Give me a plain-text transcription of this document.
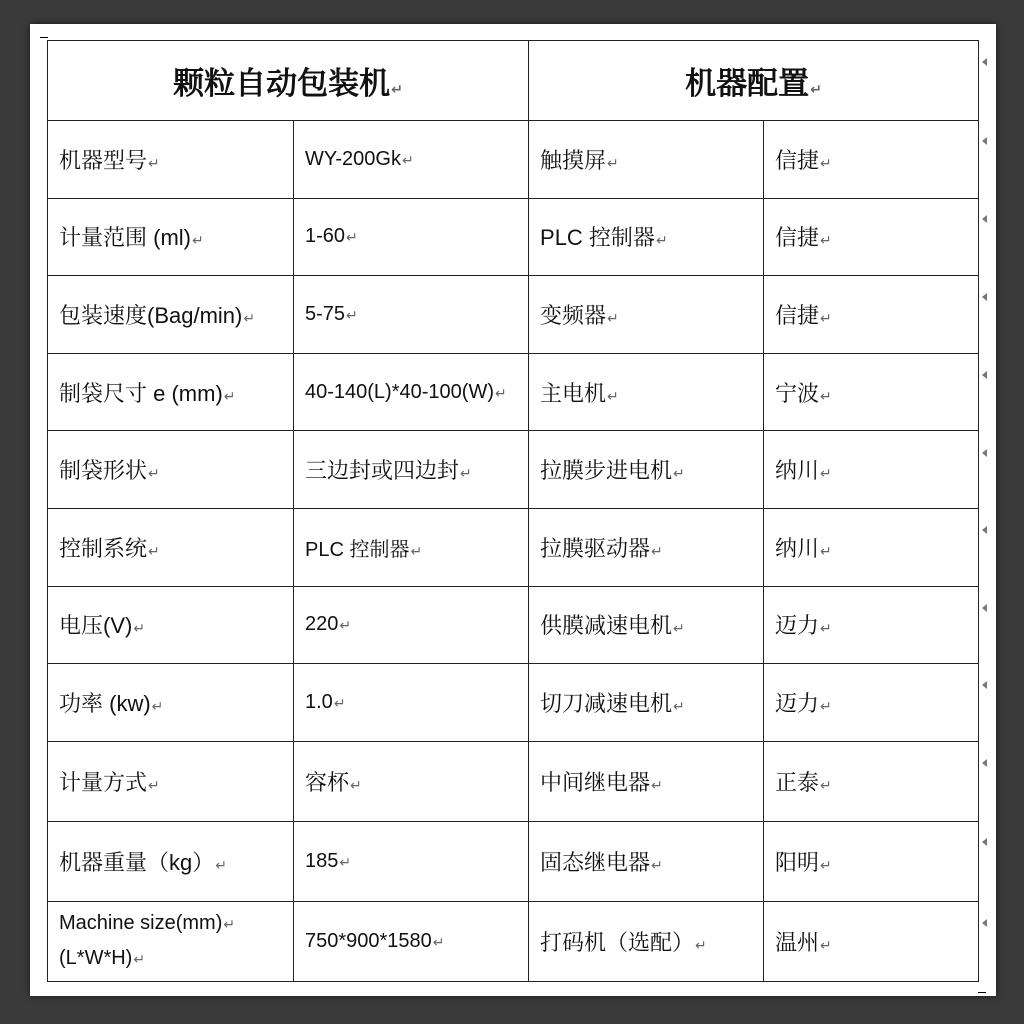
颗粒自动包装机↵		机器配置↵	
机器型号↵	WY-200Gk↵	触摸屏↵	信捷↵
计量范围 (ml)↵	1-60↵	PLC 控制器↵	信捷↵
包装速度(Bag/min)↵	5-75↵	变频器↵	信捷↵
制袋尺寸 e (mm)↵	40-140(L)*40-100(W)↵	主电机↵	宁波↵
制袋形状↵	三边封或四边封↵	拉膜步进电机↵	纳川↵
控制系统↵	PLC 控制器↵	拉膜驱动器↵	纳川↵
电压(V)↵	220↵	供膜减速电机↵	迈力↵
功率 (kw)↵	1.0↵	切刀减速电机↵	迈力↵
计量方式↵	容杯↵	中间继电器↵	正泰↵
机器重量（kg）↵	185↵	固态继电器↵	阳明↵
Machine size(mm)↵
(L*W*H)↵	750*900*1580↵	打码机（选配）↵	温州↵
